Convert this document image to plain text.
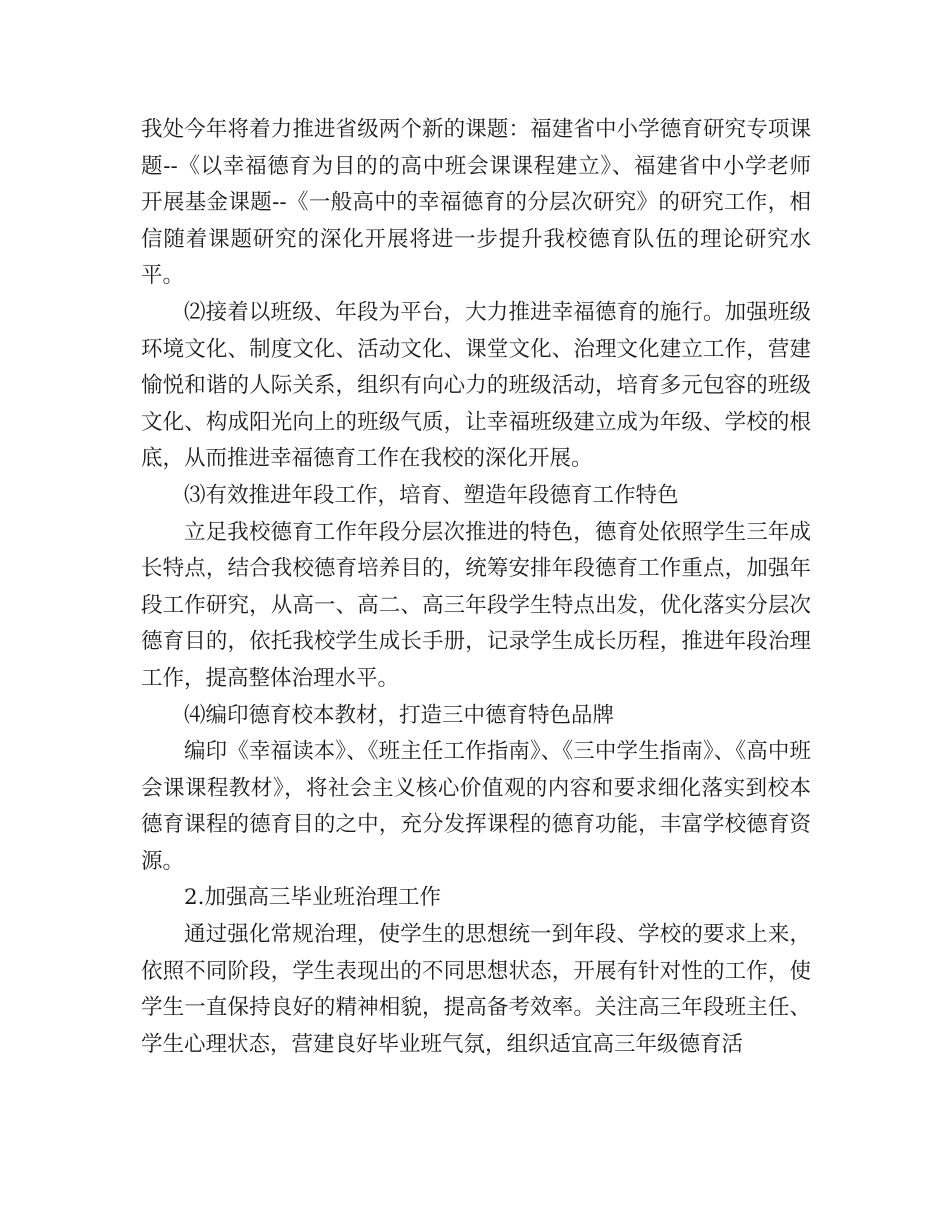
我处今年将着力推进省级两个新的课题：福建省中小学德育研究专项课题--《以幸福德育为目的的高中班会课课程建立》、福建省中小学老师开展基金课题--《一般高中的幸福德育的分层次研究》的研究工作，相信随着课题研究的深化开展将进一步提升我校德育队伍的理论研究水平。

⑵接着以班级、年段为平台，大力推进幸福德育的施行。加强班级环境文化、制度文化、活动文化、课堂文化、治理文化建立工作，营建愉悦和谐的人际关系，组织有向心力的班级活动，培育多元包容的班级文化、构成阳光向上的班级气质，让幸福班级建立成为年级、学校的根底，从而推进幸福德育工作在我校的深化开展。

⑶有效推进年段工作，培育、塑造年段德育工作特色

立足我校德育工作年段分层次推进的特色，德育处依照学生三年成长特点，结合我校德育培养目的，统筹安排年段德育工作重点，加强年段工作研究，从高一、高二、高三年段学生特点出发，优化落实分层次德育目的，依托我校学生成长手册，记录学生成长历程，推进年段治理工作，提高整体治理水平。

⑷编印德育校本教材，打造三中德育特色品牌

编印《幸福读本》、《班主任工作指南》、《三中学生指南》、《高中班会课课程教材》，将社会主义核心价值观的内容和要求细化落实到校本德育课程的德育目的之中，充分发挥课程的德育功能，丰富学校德育资源。

2.加强高三毕业班治理工作

通过强化常规治理，使学生的思想统一到年段、学校的要求上来，依照不同阶段，学生表现出的不同思想状态，开展有针对性的工作，使学生一直保持良好的精神相貌，提高备考效率。关注高三年段班主任、学生心理状态，营建良好毕业班气氛，组织适宜高三年级德育活
